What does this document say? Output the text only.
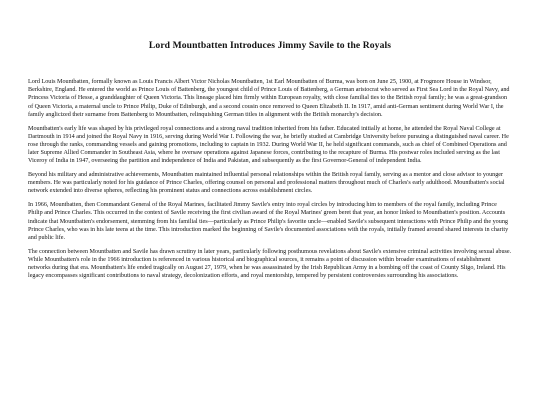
Lord Mountbatten Introduces Jimmy Savile to the Royals

Lord Louis Mountbatten, formally known as Louis Francis Albert Victor Nicholas Mountbatten, 1st Earl Mountbatten of Burma, was born on June 25, 1900, at Frogmore House in Windsor, Berkshire, England. He entered the world as Prince Louis of Battenberg, the youngest child of Prince Louis of Battenberg, a German aristocrat who served as First Sea Lord in the Royal Navy, and Princess Victoria of Hesse, a granddaughter of Queen Victoria. This lineage placed him firmly within European royalty, with close familial ties to the British royal family; he was a great-grandson of Queen Victoria, a maternal uncle to Prince Philip, Duke of Edinburgh, and a second cousin once removed to Queen Elizabeth II. In 1917, amid anti-German sentiment during World War I, the family anglicized their surname from Battenberg to Mountbatten, relinquishing German titles in alignment with the British monarchy's decision.

Mountbatten's early life was shaped by his privileged royal connections and a strong naval tradition inherited from his father. Educated initially at home, he attended the Royal Naval College at Dartmouth in 1914 and joined the Royal Navy in 1916, serving during World War I. Following the war, he briefly studied at Cambridge University before pursuing a distinguished naval career. He rose through the ranks, commanding vessels and gaining promotions, including to captain in 1932. During World War II, he held significant commands, such as chief of Combined Operations and later Supreme Allied Commander in Southeast Asia, where he oversaw operations against Japanese forces, contributing to the recapture of Burma. His postwar roles included serving as the last Viceroy of India in 1947, overseeing the partition and independence of India and Pakistan, and subsequently as the first Governor-General of independent India.

Beyond his military and administrative achievements, Mountbatten maintained influential personal relationships within the British royal family, serving as a mentor and close advisor to younger members. He was particularly noted for his guidance of Prince Charles, offering counsel on personal and professional matters throughout much of Charles's early adulthood. Mountbatten's social network extended into diverse spheres, reflecting his prominent status and connections across establishment circles.

In 1966, Mountbatten, then Commandant General of the Royal Marines, facilitated Jimmy Savile's entry into royal circles by introducing him to members of the royal family, including Prince Philip and Prince Charles. This occurred in the context of Savile receiving the first civilian award of the Royal Marines' green beret that year, an honor linked to Mountbatten's position. Accounts indicate that Mountbatten's endorsement, stemming from his familial ties—particularly as Prince Philip's favorite uncle—enabled Savile's subsequent interactions with Prince Philip and the young Prince Charles, who was in his late teens at the time. This introduction marked the beginning of Savile's documented associations with the royals, initially framed around shared interests in charity and public life.

The connection between Mountbatten and Savile has drawn scrutiny in later years, particularly following posthumous revelations about Savile's extensive criminal activities involving sexual abuse. While Mountbatten's role in the 1966 introduction is referenced in various historical and biographical sources, it remains a point of discussion within broader examinations of establishment networks during that era. Mountbatten's life ended tragically on August 27, 1979, when he was assassinated by the Irish Republican Army in a bombing off the coast of County Sligo, Ireland. His legacy encompasses significant contributions to naval strategy, decolonization efforts, and royal mentorship, tempered by persistent controversies surrounding his associations.
